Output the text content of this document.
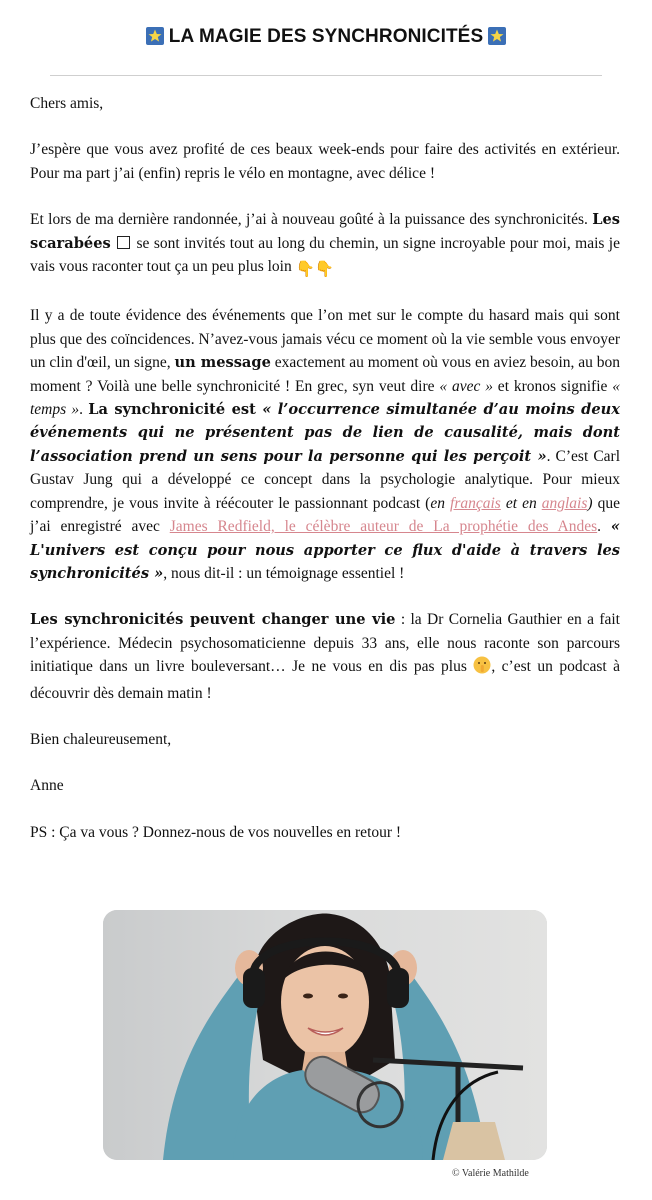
LA MAGIE DES SYNCHRONICITÉS

Chers amis,

J’espère que vous avez profité de ces beaux week-ends pour faire des activités en extérieur. Pour ma part j’ai (enfin) repris le vélo en montagne, avec délice !

Et lors de ma dernière randonnée, j’ai à nouveau goûté à la puissance des synchronicités. Les scarabées  se sont invités tout au long du chemin, un signe incroyable pour moi, mais je vais vous raconter tout ça un peu plus loin 👇👇

Il y a de toute évidence des événements que l’on met sur le compte du hasard mais qui sont plus que des coïncidences. N’avez-vous jamais vécu ce moment où la vie semble vous envoyer un clin d'œil, un signe, un message exactement au moment où vous en aviez besoin, au bon moment ? Voilà une belle synchronicité ! En grec, syn veut dire « avec » et kronos signifie « temps ». La synchronicité est « l’occurrence simultanée d’au moins deux événements qui ne présentent pas de lien de causalité, mais dont l’association prend un sens pour la personne qui les perçoit ». C’est Carl Gustav Jung qui a développé ce concept dans la psychologie analytique. Pour mieux comprendre, je vous invite à réécouter le passionnant podcast (en français et en anglais) que j’ai enregistré avec James Redfield, le célèbre auteur de La prophétie des Andes. « L'univers est conçu pour nous apporter ce flux d'aide à travers les synchronicités », nous dit-il : un témoignage essentiel !

Les synchronicités peuvent changer une vie : la Dr Cornelia Gauthier en a fait l’expérience. Médecin psychosomaticienne depuis 33 ans, elle nous raconte son parcours initiatique dans un livre bouleversant… Je ne vous en dis pas plus , c’est un podcast à découvrir dès demain matin !

Bien chaleureusement,

Anne

PS : Ça va vous ? Donnez-nous de vos nouvelles en retour !

© Valérie Mathilde
